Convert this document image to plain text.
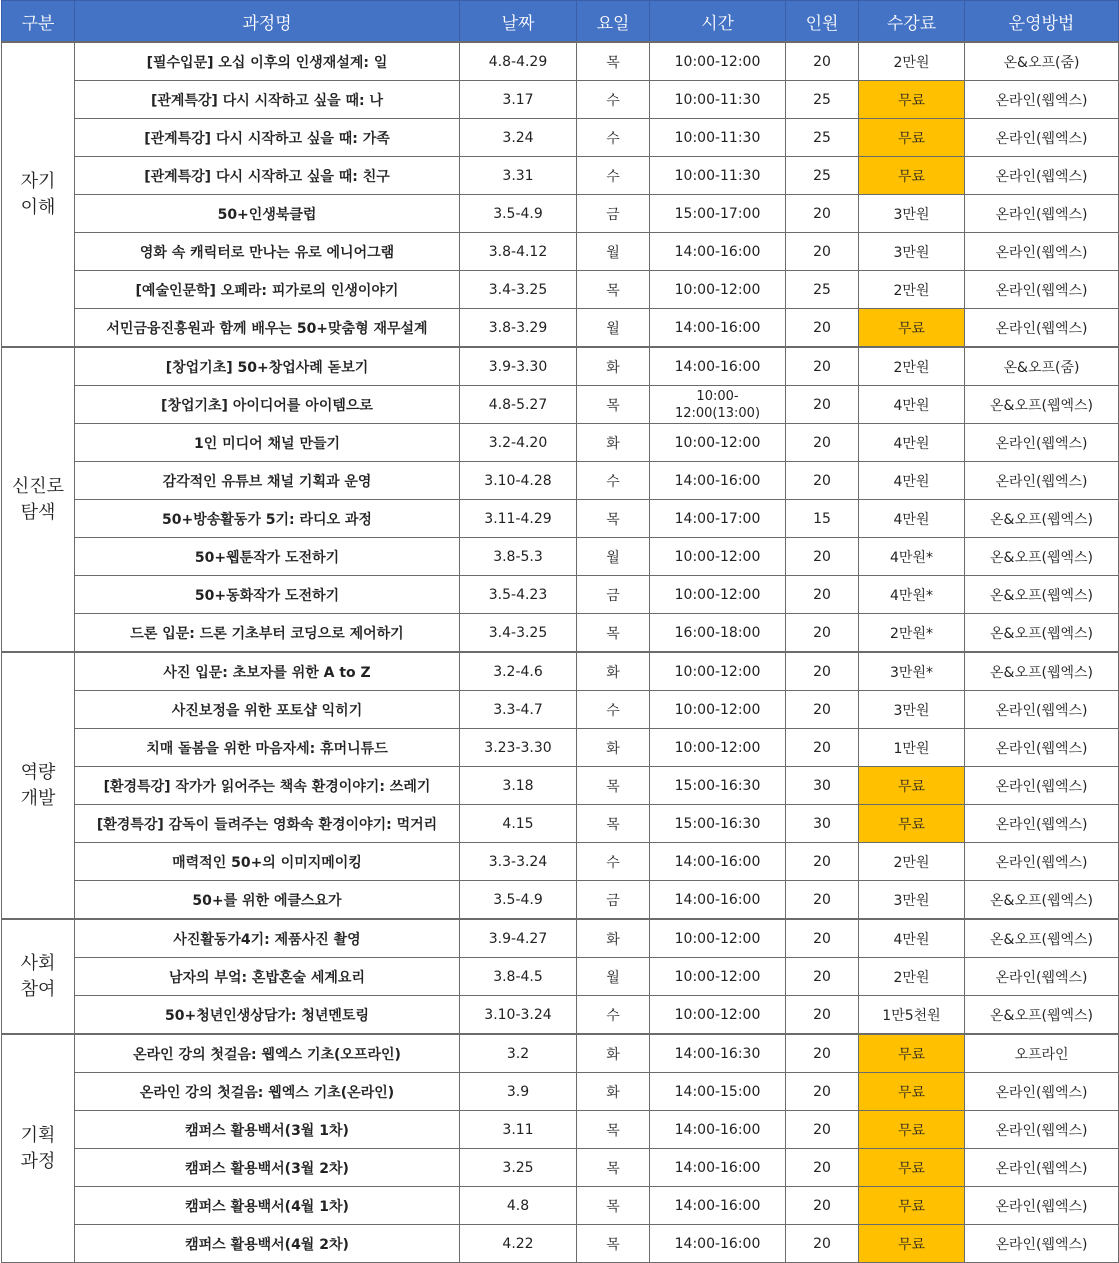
구분	과정명	날짜	요일	시간	인원	수강료	운영방법
자기
이해	[필수입문] 오십 이후의 인생재설계: 일	4.8-4.29	목	10:00-12:00	20	2만원	온&오프(줌)
	[관계특강] 다시 시작하고 싶을 때: 나	3.17	수	10:00-11:30	25	무료	온라인(웹엑스)
	[관계특강] 다시 시작하고 싶을 때: 가족	3.24	수	10:00-11:30	25	무료	온라인(웹엑스)
	[관계특강] 다시 시작하고 싶을 때: 친구	3.31	수	10:00-11:30	25	무료	온라인(웹엑스)
	50+인생북클럽	3.5-4.9	금	15:00-17:00	20	3만원	온라인(웹엑스)
	영화 속 캐릭터로 만나는 유로 에니어그램	3.8-4.12	월	14:00-16:00	20	3만원	온라인(웹엑스)
	[예술인문학] 오페라: 피가로의 인생이야기	3.4-3.25	목	10:00-12:00	25	2만원	온라인(웹엑스)
	서민금융진흥원과 함께 배우는 50+맞춤형 재무설계	3.8-3.29	월	14:00-16:00	20	무료	온라인(웹엑스)
신진로
탐색	[창업기초] 50+창업사례 돋보기	3.9-3.30	화	14:00-16:00	20	2만원	온&오프(줌)
	[창업기초] 아이디어를 아이템으로	4.8-5.27	목	10:00-
12:00(13:00)	20	4만원	온&오프(웹엑스)
	1인 미디어 채널 만들기	3.2-4.20	화	10:00-12:00	20	4만원	온라인(웹엑스)
	감각적인 유튜브 채널 기획과 운영	3.10-4.28	수	14:00-16:00	20	4만원	온라인(웹엑스)
	50+방송활동가 5기: 라디오 과정	3.11-4.29	목	14:00-17:00	15	4만원	온&오프(웹엑스)
	50+웹툰작가 도전하기	3.8-5.3	월	10:00-12:00	20	4만원*	온&오프(웹엑스)
	50+동화작가 도전하기	3.5-4.23	금	10:00-12:00	20	4만원*	온&오프(웹엑스)
	드론 입문: 드론 기초부터 코딩으로 제어하기	3.4-3.25	목	16:00-18:00	20	2만원*	온&오프(웹엑스)
역량
개발	사진 입문: 초보자를 위한 A to Z	3.2-4.6	화	10:00-12:00	20	3만원*	온&오프(웹엑스)
	사진보정을 위한 포토샵 익히기	3.3-4.7	수	10:00-12:00	20	3만원	온라인(웹엑스)
	치매 돌봄을 위한 마음자세: 휴머니튜드	3.23-3.30	화	10:00-12:00	20	1만원	온라인(웹엑스)
	[환경특강] 작가가 읽어주는 책속 환경이야기: 쓰레기	3.18	목	15:00-16:30	30	무료	온라인(웹엑스)
	[환경특강] 감독이 들려주는 영화속 환경이야기: 먹거리	4.15	목	15:00-16:30	30	무료	온라인(웹엑스)
	매력적인 50+의 이미지메이킹	3.3-3.24	수	14:00-16:00	20	2만원	온라인(웹엑스)
	50+를 위한 에클스요가	3.5-4.9	금	14:00-16:00	20	3만원	온&오프(웹엑스)
사회
참여	사진활동가4기: 제품사진 촬영	3.9-4.27	화	10:00-12:00	20	4만원	온&오프(웹엑스)
	남자의 부엌: 혼밥혼술 세계요리	3.8-4.5	월	10:00-12:00	20	2만원	온라인(웹엑스)
	50+청년인생상담가: 청년멘토링	3.10-3.24	수	10:00-12:00	20	1만5천원	온&오프(웹엑스)
기획
과정	온라인 강의 첫걸음: 웹엑스 기초(오프라인)	3.2	화	14:00-16:30	20	무료	오프라인
	온라인 강의 첫걸음: 웹엑스 기초(온라인)	3.9	화	14:00-15:00	20	무료	온라인(웹엑스)
	캠퍼스 활용백서(3월 1차)	3.11	목	14:00-16:00	20	무료	온라인(웹엑스)
	캠퍼스 활용백서(3월 2차)	3.25	목	14:00-16:00	20	무료	온라인(웹엑스)
	캠퍼스 활용백서(4월 1차)	4.8	목	14:00-16:00	20	무료	온라인(웹엑스)
	캠퍼스 활용백서(4월 2차)	4.22	목	14:00-16:00	20	무료	온라인(웹엑스)
